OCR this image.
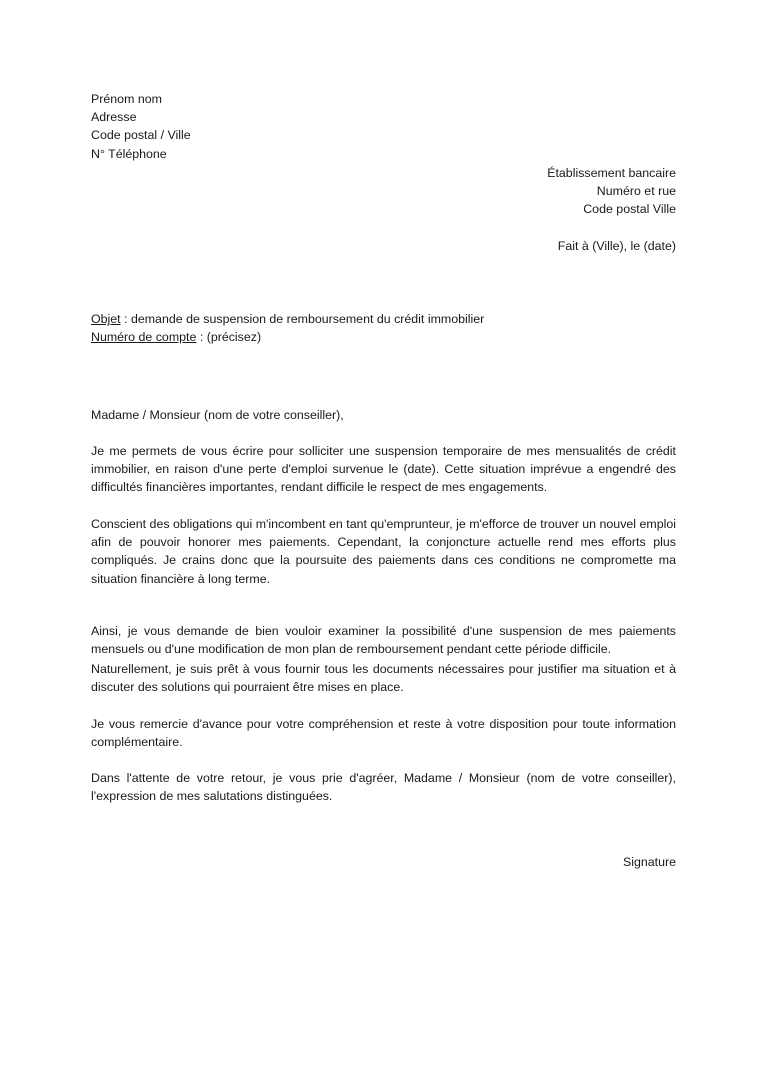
Prénom nom
Adresse
Code postal / Ville
N° Téléphone
Établissement bancaire
Numéro et rue
Code postal Ville
Fait à (Ville), le (date)
Objet : demande de suspension de remboursement du crédit immobilier
Numéro de compte : (précisez)
Madame / Monsieur (nom de votre conseiller),
Je me permets de vous écrire pour solliciter une suspension temporaire de mes mensualités de crédit immobilier, en raison d'une perte d'emploi survenue le (date). Cette situation imprévue a engendré des difficultés financières importantes, rendant difficile le respect de mes engagements.
Conscient des obligations qui m'incombent en tant qu'emprunteur, je m'efforce de trouver un nouvel emploi afin de pouvoir honorer mes paiements. Cependant, la conjoncture actuelle rend mes efforts plus compliqués. Je crains donc que la poursuite des paiements dans ces conditions ne compromette ma situation financière à long terme.
Ainsi, je vous demande de bien vouloir examiner la possibilité d'une suspension de mes paiements mensuels ou d'une modification de mon plan de remboursement pendant cette période difficile.
Naturellement, je suis prêt à vous fournir tous les documents nécessaires pour justifier ma situation et à discuter des solutions qui pourraient être mises en place.
Je vous remercie d'avance pour votre compréhension et reste à votre disposition pour toute information complémentaire.
Dans l'attente de votre retour, je vous prie d'agréer, Madame / Monsieur (nom de votre conseiller), l'expression de mes salutations distinguées.
Signature
